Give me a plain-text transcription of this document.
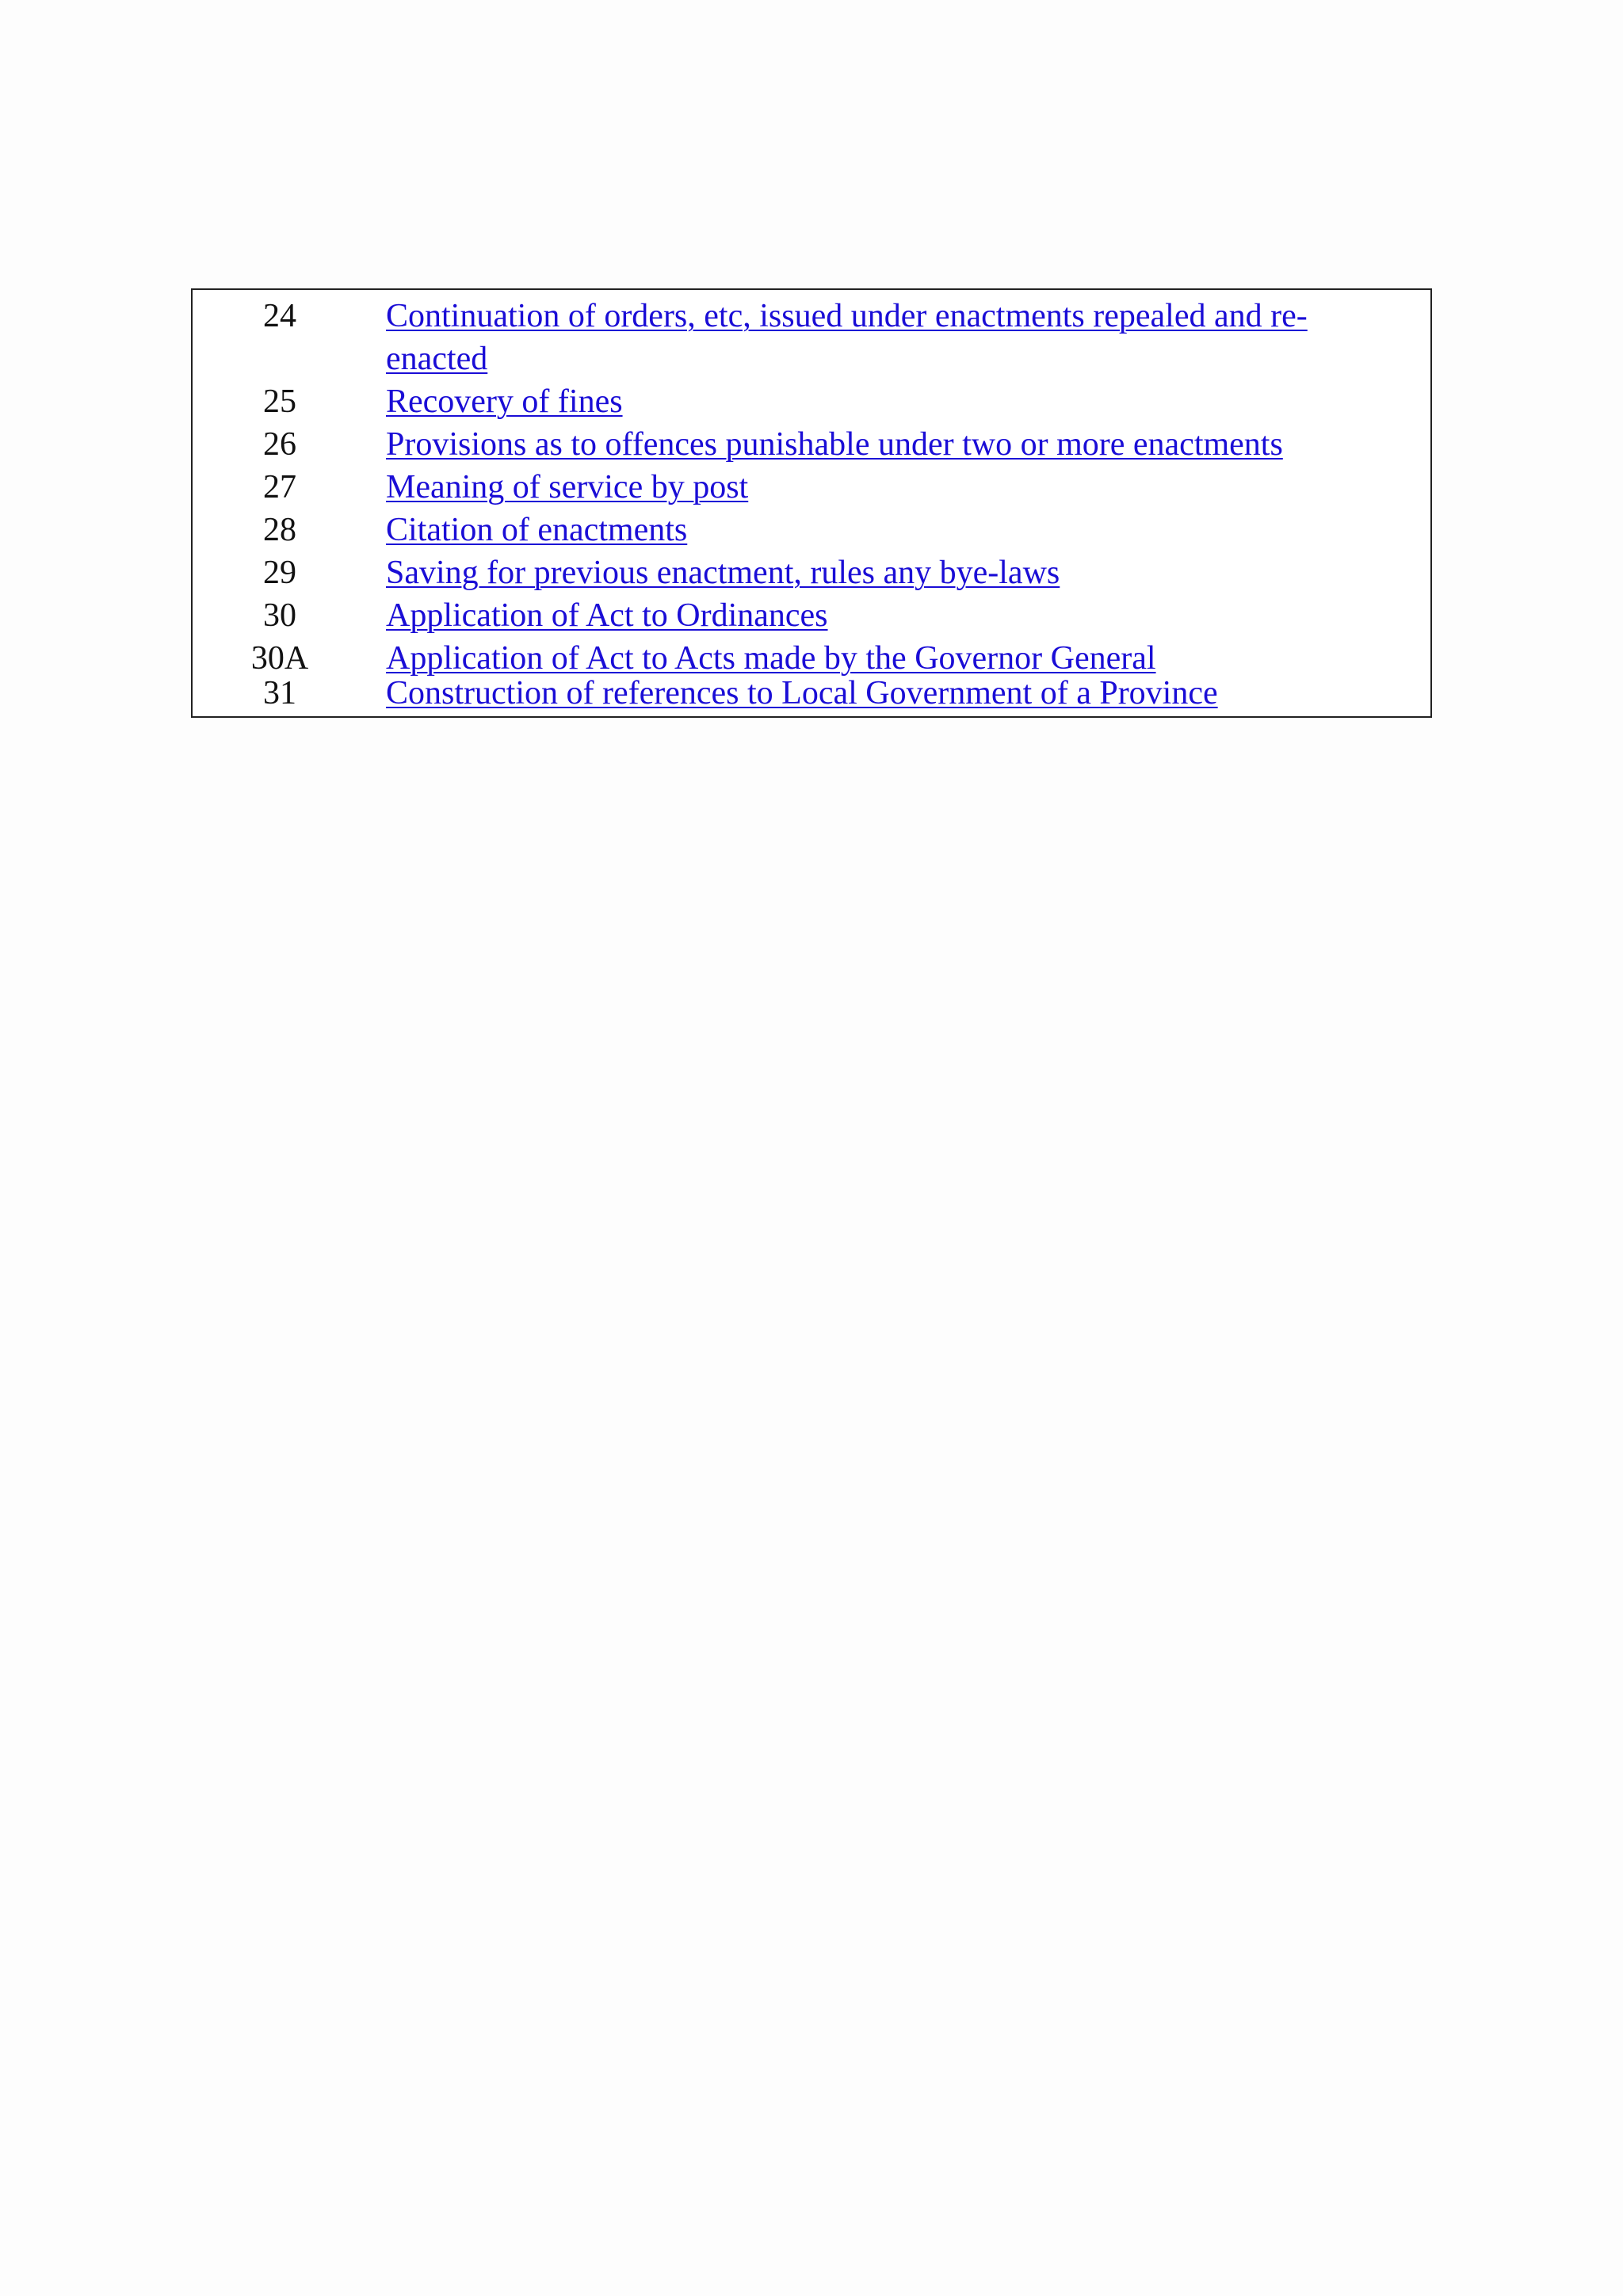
24	Continuation of orders, etc, issued under enactments repealed and re-
enacted
25	Recovery of fines
26	Provisions as to offences punishable under two or more enactments
27	Meaning of service by post
28	Citation of enactments
29	Saving for previous enactment, rules any bye-laws
30	Application of Act to Ordinances
30A	Application of Act to Acts made by the Governor General
31	Construction of references to Local Government of a Province
